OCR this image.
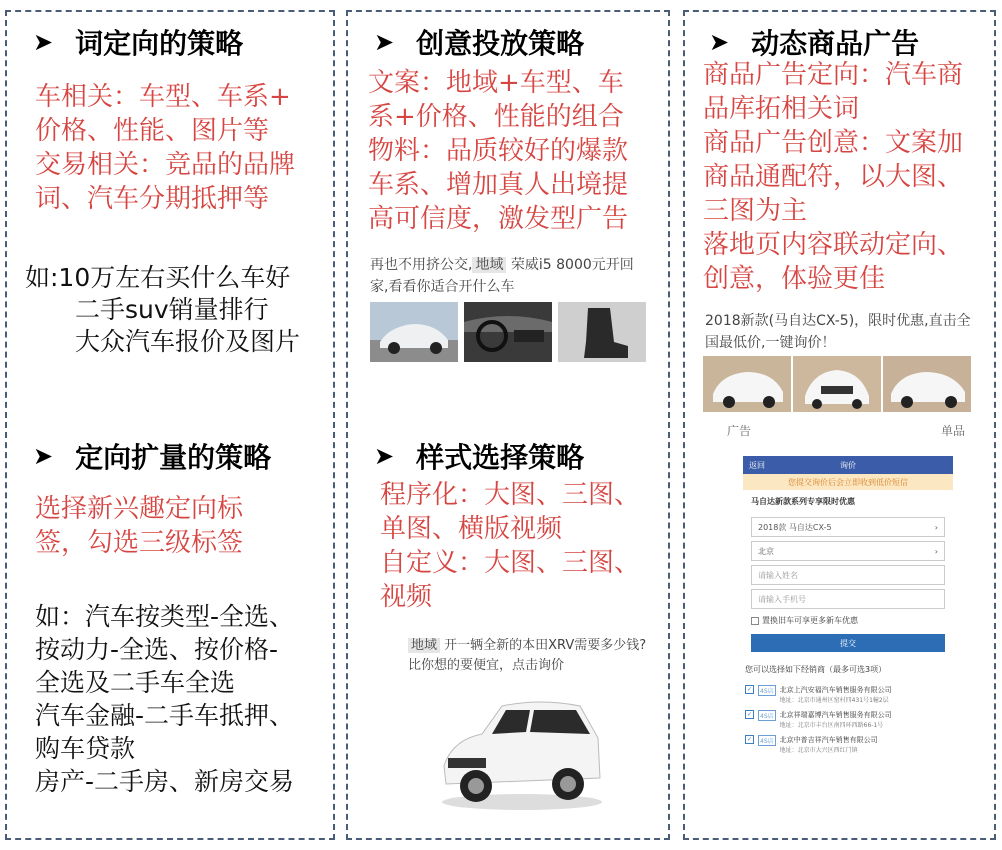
➤ 词定向的策略
车相关：车型、车系+
价格、性能、图片等
交易相关：竞品的品牌
词、汽车分期抵押等
如:10万左右买什么车好
二手suv销量排行
大众汽车报价及图片
➤ 定向扩量的策略
选择新兴趣定向标
签，勾选三级标签
如：汽车按类型-全选、
按动力-全选、按价格-
全选及二手车全选
汽车金融-二手车抵押、
购车贷款
房产-二手房、新房交易
➤ 创意投放策略
文案：地域+车型、车
系+价格、性能的组合
物料：品质较好的爆款
车系、增加真人出境提
高可信度，激发型广告
再也不用挤公交, 地域 荣威i5 8000元开回
家,看看你适合开什么车
➤ 样式选择策略
程序化：大图、三图、
单图、横版视频
自定义：大图、三图、
视频
地域 开一辆全新的本田XRV需要多少钱?
比你想的要便宜，点击询价
➤ 动态商品广告
商品广告定向：汽车商
品库拓相关词
商品广告创意：文案加
商品通配符，以大图、
三图为主
落地页内容联动定向、
创意，体验更佳
2018新款(马自达CX-5)，限时优惠,直击全
国最低价,一键询价！
广告	单品
返回	询价
您提交询价后会立即收到低价短信
马自达新款系列专享限时优惠
2018款 马自达CX-5	›
北京	›
请输入姓名
请输入手机号
置换旧车可享更多新车优惠
提交
您可以选择如下经销商（最多可选3项）
✓	4S店 北京上汽安福汽车销售服务有限公司
地址：北京市通州区窑村四431号1幢2层
✓	4S店 北京祥瑞嘉博汽车销售服务有限公司
地址：北京市丰台区南四环西路66-1号
✓	4S店 北京中普吉祥汽车销售有限公司
地址：北京市大兴区西红门镇
